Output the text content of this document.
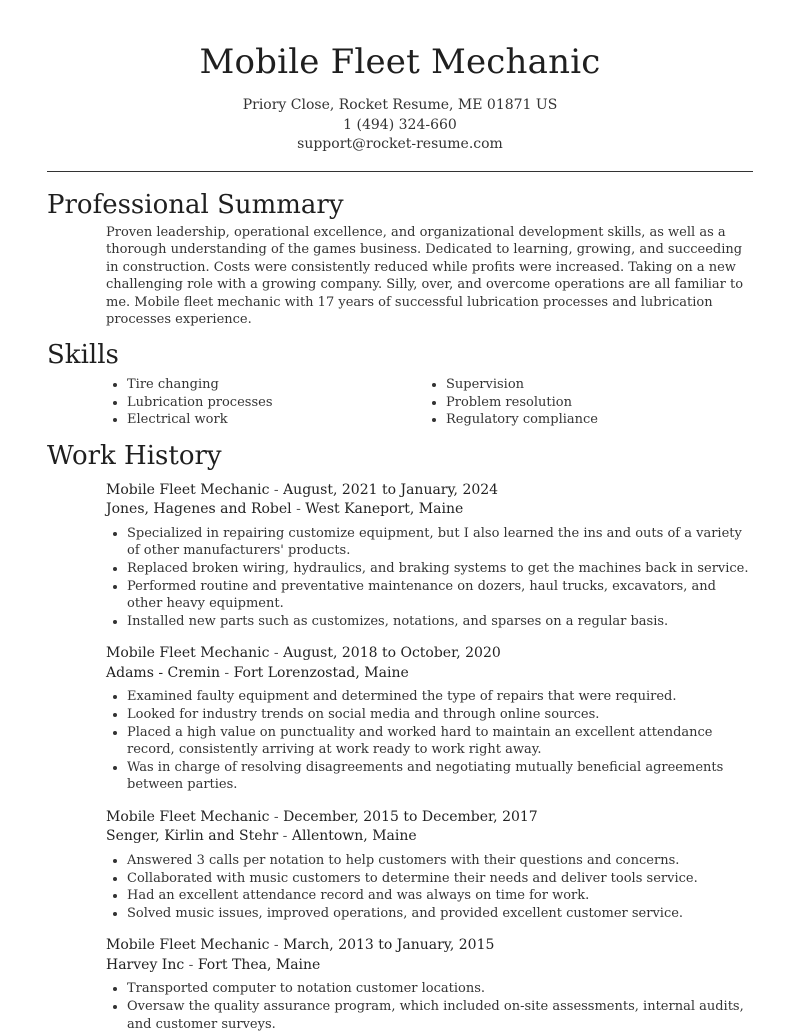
Mobile Fleet Mechanic
Priory Close, Rocket Resume, ME 01871 US
1 (494) 324-660
support@rocket-resume.com
Professional Summary

Proven leadership, operational excellence, and organizational development skills, as well as a thorough understanding of the games business. Dedicated to learning, growing, and succeeding in construction. Costs were consistently reduced while profits were increased. Taking on a new challenging role with a growing company. Silly, over, and overcome operations are all familiar to me. Mobile fleet mechanic with 17 years of successful lubrication processes and lubrication processes experience.

Skills
• Tire changing
• Lubrication processes
• Electrical work
• Supervision
• Problem resolution
• Regulatory compliance
Work History
Mobile Fleet Mechanic - August, 2021 to January, 2024
Jones, Hagenes and Robel - West Kaneport, Maine
• Specialized in repairing customize equipment, but I also learned the ins and outs of a variety of other manufacturers' products.
• Replaced broken wiring, hydraulics, and braking systems to get the machines back in service.
• Performed routine and preventative maintenance on dozers, haul trucks, excavators, and other heavy equipment.
• Installed new parts such as customizes, notations, and sparses on a regular basis.
Mobile Fleet Mechanic - August, 2018 to October, 2020
Adams - Cremin - Fort Lorenzostad, Maine
• Examined faulty equipment and determined the type of repairs that were required.
• Looked for industry trends on social media and through online sources.
• Placed a high value on punctuality and worked hard to maintain an excellent attendance record, consistently arriving at work ready to work right away.
• Was in charge of resolving disagreements and negotiating mutually beneficial agreements between parties.
Mobile Fleet Mechanic - December, 2015 to December, 2017
Senger, Kirlin and Stehr - Allentown, Maine
• Answered 3 calls per notation to help customers with their questions and concerns.
• Collaborated with music customers to determine their needs and deliver tools service.
• Had an excellent attendance record and was always on time for work.
• Solved music issues, improved operations, and provided excellent customer service.
Mobile Fleet Mechanic - March, 2013 to January, 2015
Harvey Inc - Fort Thea, Maine
• Transported computer to notation customer locations.
• Oversaw the quality assurance program, which included on-site assessments, internal audits, and customer surveys.
